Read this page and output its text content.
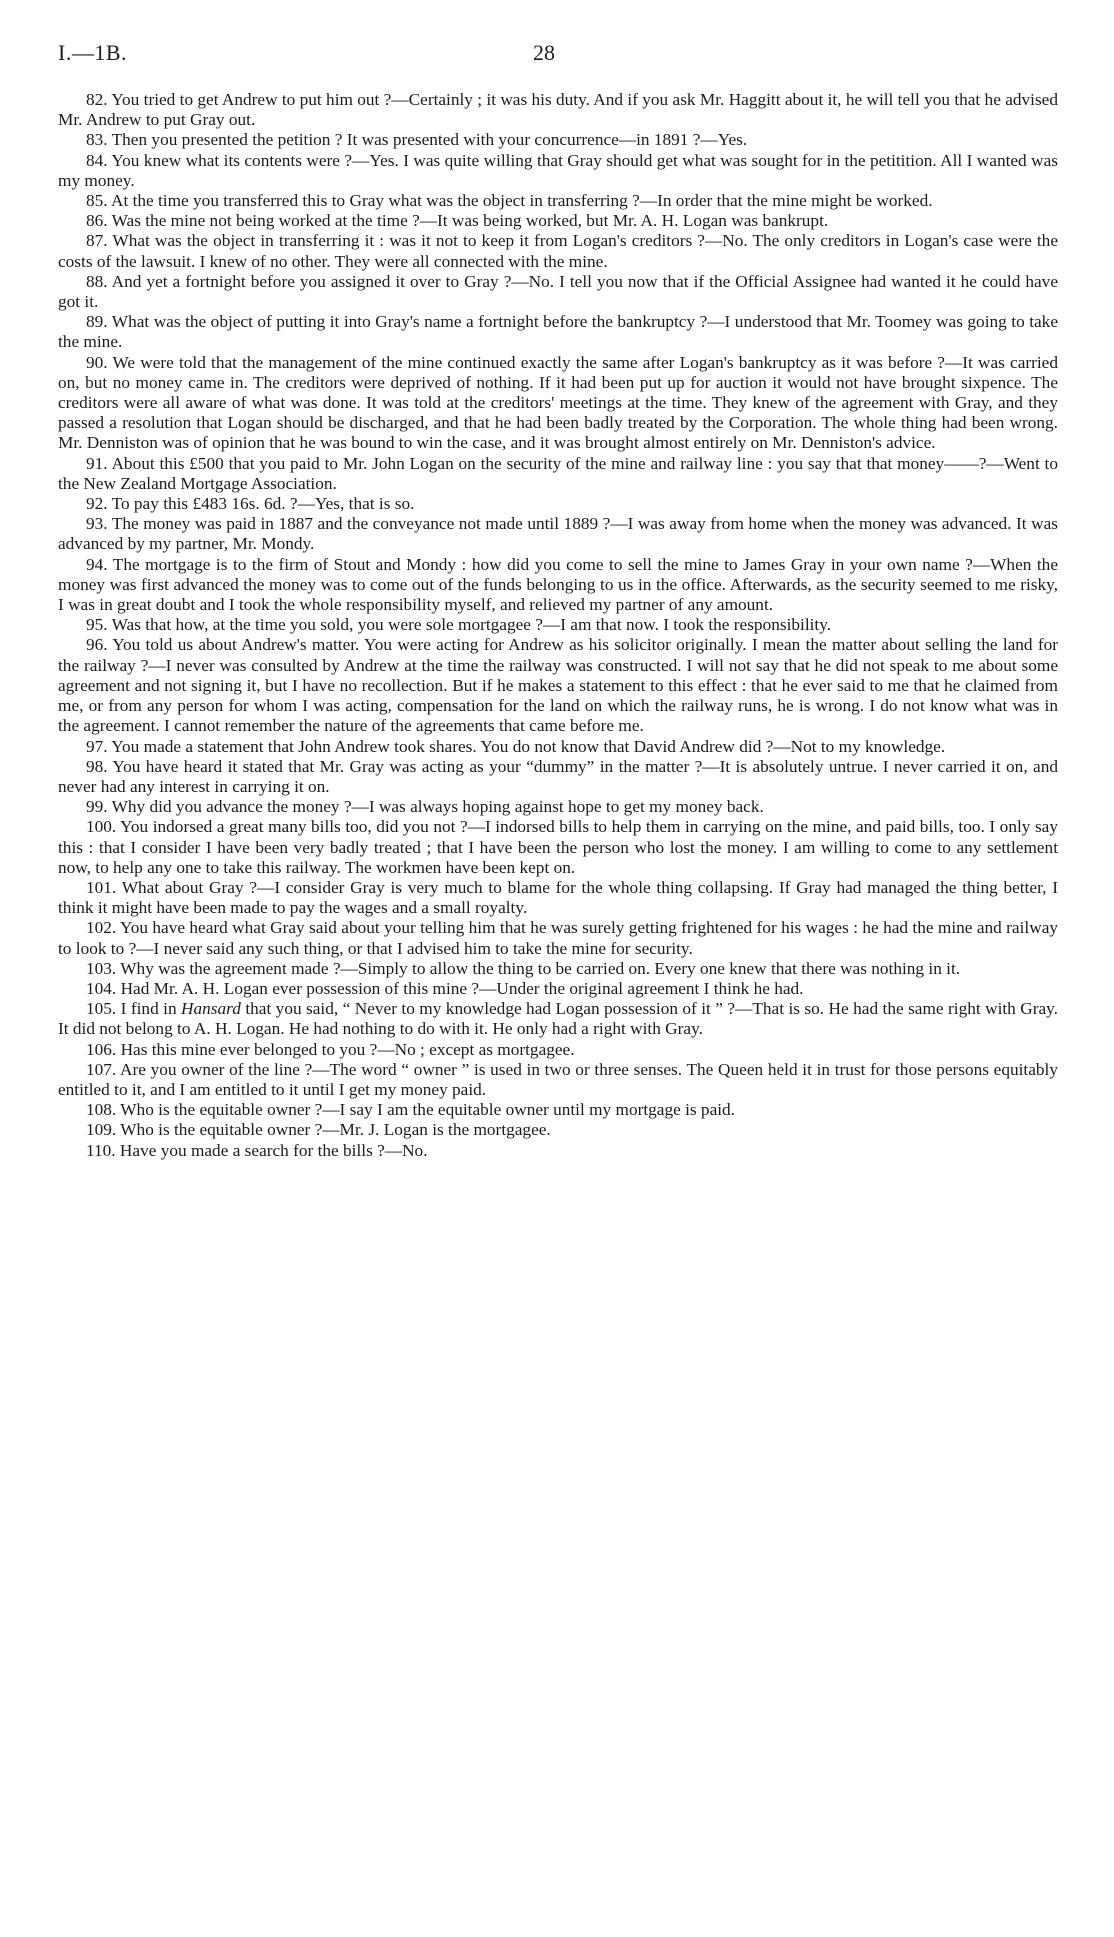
I.—1B.	28

82. You tried to get Andrew to put him out ?—Certainly ; it was his duty. And if you ask Mr. Haggitt about it, he will tell you that he advised Mr. Andrew to put Gray out.

83. Then you presented the petition ? It was presented with your concurrence—in 1891 ?—Yes.

84. You knew what its contents were ?—Yes. I was quite willing that Gray should get what was sought for in the petitition. All I wanted was my money.

85. At the time you transferred this to Gray what was the object in transferring ?—In order that the mine might be worked.

86. Was the mine not being worked at the time ?—It was being worked, but Mr. A. H. Logan was bankrupt.

87. What was the object in transferring it : was it not to keep it from Logan's creditors ?—No. The only creditors in Logan's case were the costs of the lawsuit. I knew of no other. They were all connected with the mine.

88. And yet a fortnight before you assigned it over to Gray ?—No. I tell you now that if the Official Assignee had wanted it he could have got it.

89. What was the object of putting it into Gray's name a fortnight before the bankruptcy ?—I understood that Mr. Toomey was going to take the mine.

90. We were told that the management of the mine continued exactly the same after Logan's bankruptcy as it was before ?—It was carried on, but no money came in. The creditors were deprived of nothing. If it had been put up for auction it would not have brought sixpence. The creditors were all aware of what was done. It was told at the creditors' meetings at the time. They knew of the agreement with Gray, and they passed a resolution that Logan should be discharged, and that he had been badly treated by the Corporation. The whole thing had been wrong. Mr. Denniston was of opinion that he was bound to win the case, and it was brought almost entirely on Mr. Denniston's advice.

91. About this £500 that you paid to Mr. John Logan on the security of the mine and railway line : you say that that money——?—Went to the New Zealand Mortgage Association.

92. To pay this £483 16s. 6d. ?—Yes, that is so.

93. The money was paid in 1887 and the conveyance not made until 1889 ?—I was away from home when the money was advanced. It was advanced by my partner, Mr. Mondy.

94. The mortgage is to the firm of Stout and Mondy : how did you come to sell the mine to James Gray in your own name ?—When the money was first advanced the money was to come out of the funds belonging to us in the office. Afterwards, as the security seemed to me risky, I was in great doubt and I took the whole responsibility myself, and relieved my partner of any amount.

95. Was that how, at the time you sold, you were sole mortgagee ?—I am that now. I took the responsibility.

96. You told us about Andrew's matter. You were acting for Andrew as his solicitor originally. I mean the matter about selling the land for the railway ?—I never was consulted by Andrew at the time the railway was constructed. I will not say that he did not speak to me about some agreement and not signing it, but I have no recollection. But if he makes a statement to this effect : that he ever said to me that he claimed from me, or from any person for whom I was acting, compensation for the land on which the railway runs, he is wrong. I do not know what was in the agreement. I cannot remember the nature of the agreements that came before me.

97. You made a statement that John Andrew took shares. You do not know that David Andrew did ?—Not to my knowledge.

98. You have heard it stated that Mr. Gray was acting as your “dummy” in the matter ?—It is absolutely untrue. I never carried it on, and never had any interest in carrying it on.

99. Why did you advance the money ?—I was always hoping against hope to get my money back.

100. You indorsed a great many bills too, did you not ?—I indorsed bills to help them in carrying on the mine, and paid bills, too. I only say this : that I consider I have been very badly treated ; that I have been the person who lost the money. I am willing to come to any settlement now, to help any one to take this railway. The workmen have been kept on.

101. What about Gray ?—I consider Gray is very much to blame for the whole thing collapsing. If Gray had managed the thing better, I think it might have been made to pay the wages and a small royalty.

102. You have heard what Gray said about your telling him that he was surely getting frightened for his wages : he had the mine and railway to look to ?—I never said any such thing, or that I advised him to take the mine for security.

103. Why was the agreement made ?—Simply to allow the thing to be carried on. Every one knew that there was nothing in it.

104. Had Mr. A. H. Logan ever possession of this mine ?—Under the original agreement I think he had.

105. I find in Hansard that you said, “ Never to my knowledge had Logan possession of it ” ?—That is so. He had the same right with Gray. It did not belong to A. H. Logan. He had nothing to do with it. He only had a right with Gray.

106. Has this mine ever belonged to you ?—No ; except as mortgagee.

107. Are you owner of the line ?—The word “ owner ” is used in two or three senses. The Queen held it in trust for those persons equitably entitled to it, and I am entitled to it until I get my money paid.

108. Who is the equitable owner ?—I say I am the equitable owner until my mortgage is paid.

109. Who is the equitable owner ?—Mr. J. Logan is the mortgagee.

110. Have you made a search for the bills ?—No.
